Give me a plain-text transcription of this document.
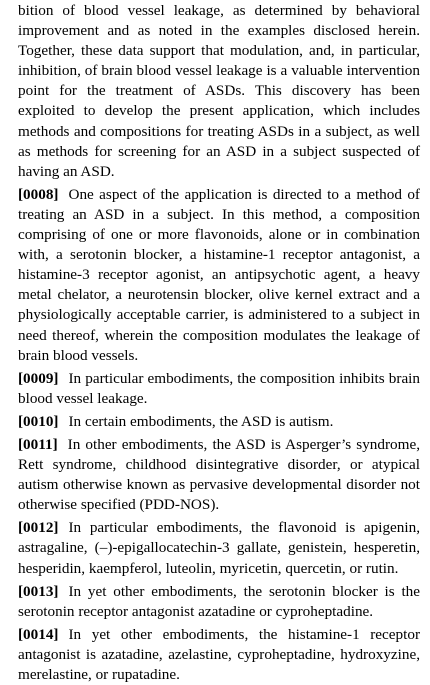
bition of blood vessel leakage, as determined by behavioral improvement and as noted in the examples disclosed herein. Together, these data support that modulation, and, in particular, inhibition, of brain blood vessel leakage is a valuable intervention point for the treatment of ASDs. This discovery has been exploited to develop the present application, which includes methods and compositions for treating ASDs in a subject, as well as methods for screening for an ASD in a subject suspected of having an ASD.

[0008] One aspect of the application is directed to a method of treating an ASD in a subject. In this method, a composition comprising of one or more flavonoids, alone or in combination with, a serotonin blocker, a histamine-1 receptor antagonist, a histamine-3 receptor agonist, an antipsychotic agent, a heavy metal chelator, a neurotensin blocker, olive kernel extract and a physiologically acceptable carrier, is administered to a subject in need thereof, wherein the composition modulates the leakage of brain blood vessels.

[0009] In particular embodiments, the composition inhibits brain blood vessel leakage.

[0010] In certain embodiments, the ASD is autism.

[0011] In other embodiments, the ASD is Asperger’s syndrome, Rett syndrome, childhood disintegrative disorder, or atypical autism otherwise known as pervasive developmental disorder not otherwise specified (PDD-NOS).

[0012] In particular embodiments, the flavonoid is apigenin, astragaline, (–)-epigallocatechin-3 gallate, genistein, hesperetin, hesperidin, kaempferol, luteolin, myricetin, quercetin, or rutin.

[0013] In yet other embodiments, the serotonin blocker is the serotonin receptor antagonist azatadine or cyproheptadine.

[0014] In yet other embodiments, the histamine-1 receptor antagonist is azatadine, azelastine, cyproheptadine, hydroxyzine, merelastine, or rupatadine.
